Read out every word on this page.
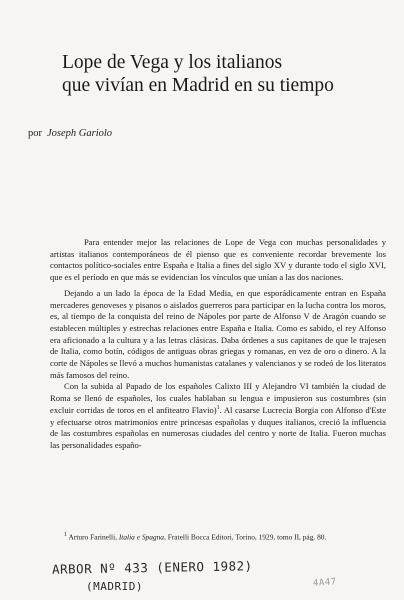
Lope de Vega y los italianos
que vivían en Madrid en su tiempo
por Joseph Gariolo

Para entender mejor las relaciones de Lope de Vega con muchas personalidades y artistas italianos contemporáneos de él pienso que es conveniente recordar brevemente los contactos político-sociales entre España e Italia a fines del siglo XV y durante todo el siglo XVI, que es el período en que más se evidencian los vínculos que unían a las dos naciones.

Dejando a un lado la época de la Edad Media, en que esporádicamente entran en España mercaderes genoveses y pisanos o aislados guerreros para participar en la lucha contra los moros, es, al tiempo de la conquista del reino de Nápoles por parte de Alfonso V de Aragón cuando se establecen múltiples y estrechas relaciones entre España e Italia. Como es sabido, el rey Alfonso era aficionado a la cultura y a las letras clásicas. Daba órdenes a sus capitanes de que le trajesen de Italia, como botín, códigos de antiguas obras griegas y romanas, en vez de oro o dinero. A la corte de Nápoles se llevó a muchos humanistas catalanes y valencianos y se rodeó de los literatos más famosos del reino.

Con la subida al Papado de los españoles Calixto III y Alejandro VI también la ciudad de Roma se llenó de españoles, los cuales hablaban su lengua e impusieron sus costumbres (sin excluir corridas de toros en el anfiteatro Flavio)$^1$. Al casarse Lucrecia Borgia con Alfonso d'Este y efectuarse otros matrimonios entre princesas españolas y duques italianos, creció la influencia de las costumbres españolas en numerosas ciudades del centro y norte de Italia. Fueron muchas las personalidades españo-

$^1$ Arturo Farinelli, Italia e Spagna, Fratelli Bocca Editori, Torino, 1929, tomo II, pág. 80.

ARBOR Nº 433 (ENERO 1982)
(MADRID)	4A47
